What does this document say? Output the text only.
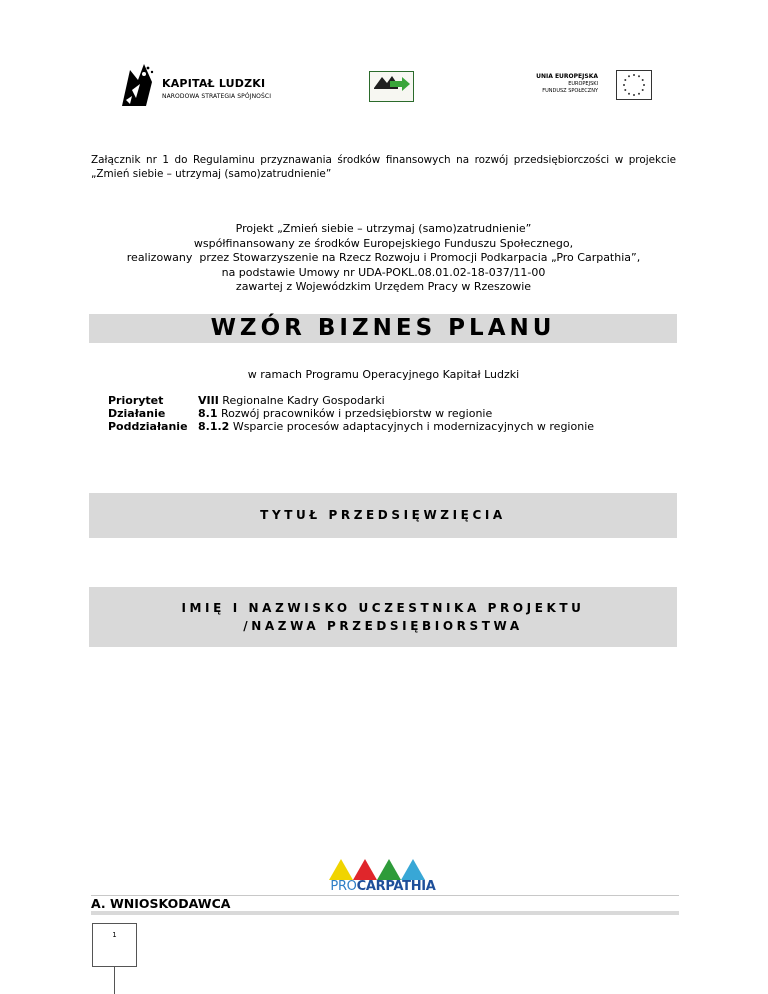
KAPITAŁ LUDZKI
NARODOWA STRATEGIA SPÓJNOŚCI
UNIA EUROPEJSKA
EUROPEJSKI
FUNDUSZ SPOŁECZNY
Załącznik nr 1 do Regulaminu przyznawania środków finansowych na rozwój przedsiębiorczości w projekcie „Zmień siebie – utrzymaj (samo)zatrudnienie”
Projekt „Zmień siebie – utrzymaj (samo)zatrudnienie”
współfinansowany ze środków Europejskiego Funduszu Społecznego,
realizowany  przez Stowarzyszenie na Rzecz Rozwoju i Promocji Podkarpacia „Pro Carpathia”,
na podstawie Umowy nr UDA-POKL.08.01.02-18-037/11-00
zawartej z Wojewódzkim Urzędem Pracy w Rzeszowie
WZÓR BIZNES PLANU
w ramach Programu Operacyjnego Kapitał Ludzki
Priorytet	VIII Regionalne Kadry Gospodarki
Działanie	8.1 Rozwój pracowników i przedsiębiorstw w regionie
Poddziałanie 8.1.2 Wsparcie procesów adaptacyjnych i modernizacyjnych w regionie
TYTUŁ PRZEDSIĘWZIĘCIA
IMIĘ I NAZWISKO UCZESTNIKA PROJEKTU
/NAZWA PRZEDSIĘBIORSTWA
PROCARPATHIA
A. WNIOSKODAWCA
1
